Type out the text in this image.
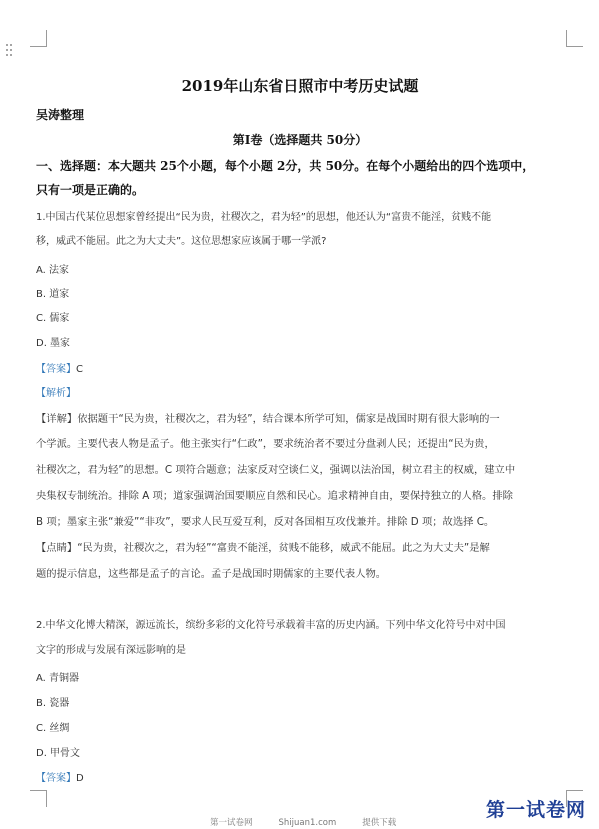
2019年山东省日照市中考历史试题
吴涛整理
第Ⅰ卷（选择题共 50分）
一、选择题：本大题共 25个小题，每个小题 2分，共 50分。在每个小题给出的四个选项中，
只有一项是正确的。
1.中国古代某位思想家曾经提出“民为贵，社稷次之，君为轻”的思想，他还认为“富贵不能淫，贫贱不能
移，威武不能屈。此之为大丈夫”。这位思想家应该属于哪一学派?
A. 法家
B. 道家
C. 儒家
D. 墨家
【答案】C
【解析】
【详解】依据题干“民为贵，社稷次之，君为轻”，结合课本所学可知，儒家是战国时期有很大影响的一
个学派。主要代表人物是孟子。他主张实行“仁政”，要求统治者不要过分盘剥人民；还提出“民为贵，
社稷次之，君为轻”的思想。C 项符合题意；法家反对空谈仁义，强调以法治国，树立君主的权威，建立中
央集权专制统治。排除 A 项；道家强调治国要顺应自然和民心。追求精神自由，要保持独立的人格。排除
B 项；墨家主张“兼爱”“非攻”，要求人民互爱互利，反对各国相互攻伐兼并。排除 D 项；故选择 C。
【点睛】“民为贵，社稷次之，君为轻”“富贵不能淫，贫贱不能移，威武不能屈。此之为大丈夫”是解
题的提示信息，这些都是孟子的言论。孟子是战国时期儒家的主要代表人物。
2.中华文化博大精深，源远流长，缤纷多彩的文化符号承载着丰富的历史内涵。下列中华文化符号中对中国
文字的形成与发展有深远影响的是
A. 青铜器
B. 瓷器
C. 丝绸
D. 甲骨文
【答案】D
第一试卷网	Shijuan1.com	提供下载
第一试卷网
